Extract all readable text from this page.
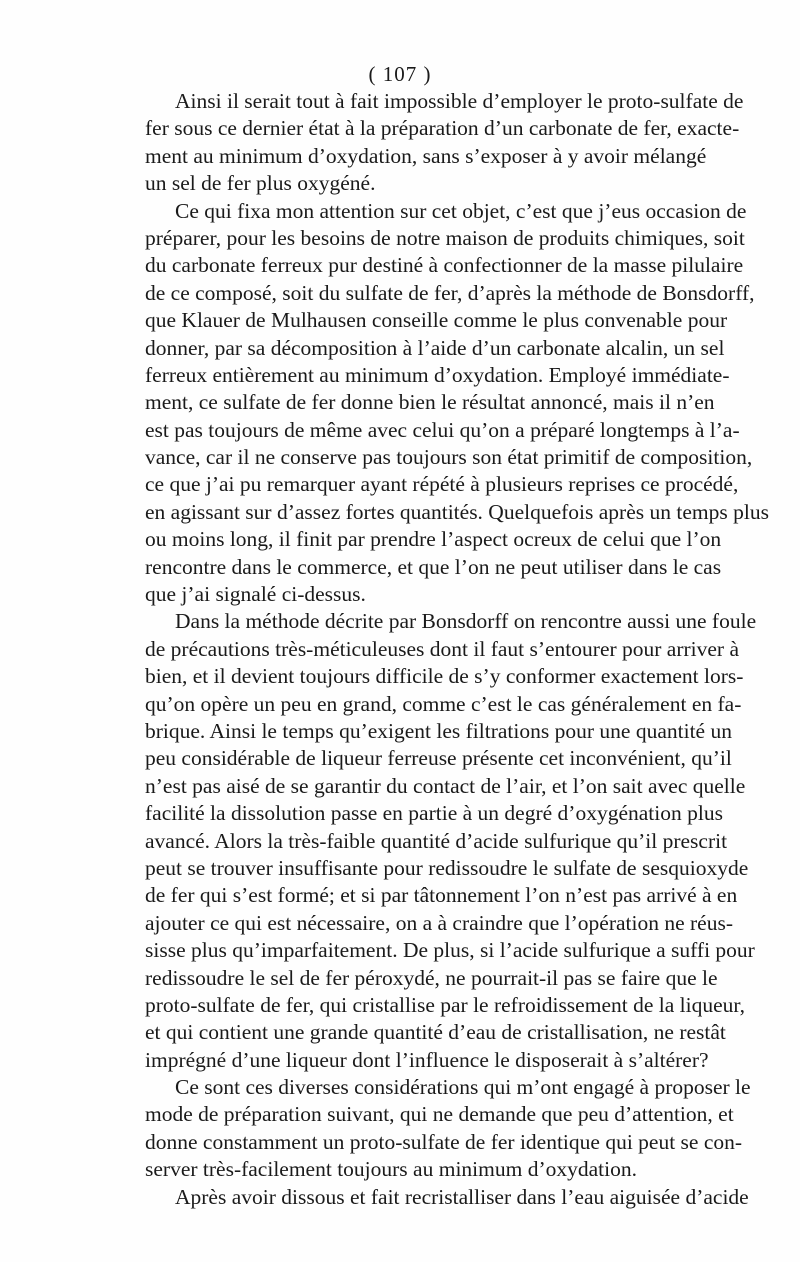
( 107 )
Ainsi il serait tout à fait impossible d’employer le proto-sulfate de
fer sous ce dernier état à la préparation d’un carbonate de fer, exacte-
ment au minimum d’oxydation, sans s’exposer à y avoir mélangé
un sel de fer plus oxygéné.
Ce qui fixa mon attention sur cet objet, c’est que j’eus occasion de
préparer, pour les besoins de notre maison de produits chimiques, soit
du carbonate ferreux pur destiné à confectionner de la masse pilulaire
de ce composé, soit du sulfate de fer, d’après la méthode de Bonsdorff,
que Klauer de Mulhausen conseille comme le plus convenable pour
donner, par sa décomposition à l’aide d’un carbonate alcalin, un sel
ferreux entièrement au minimum d’oxydation. Employé immédiate-
ment, ce sulfate de fer donne bien le résultat annoncé, mais il n’en
est pas toujours de même avec celui qu’on a préparé longtemps à l’a-
vance, car il ne conserve pas toujours son état primitif de composition,
ce que j’ai pu remarquer ayant répété à plusieurs reprises ce procédé,
en agissant sur d’assez fortes quantités. Quelquefois après un temps plus
ou moins long, il finit par prendre l’aspect ocreux de celui que l’on
rencontre dans le commerce, et que l’on ne peut utiliser dans le cas
que j’ai signalé ci-dessus.
Dans la méthode décrite par Bonsdorff on rencontre aussi une foule
de précautions très-méticuleuses dont il faut s’entourer pour arriver à
bien, et il devient toujours difficile de s’y conformer exactement lors-
qu’on opère un peu en grand, comme c’est le cas généralement en fa-
brique. Ainsi le temps qu’exigent les filtrations pour une quantité un
peu considérable de liqueur ferreuse présente cet inconvénient, qu’il
n’est pas aisé de se garantir du contact de l’air, et l’on sait avec quelle
facilité la dissolution passe en partie à un degré d’oxygénation plus
avancé. Alors la très-faible quantité d’acide sulfurique qu’il prescrit
peut se trouver insuffisante pour redissoudre le sulfate de sesquioxyde
de fer qui s’est formé; et si par tâtonnement l’on n’est pas arrivé à en
ajouter ce qui est nécessaire, on a à craindre que l’opération ne réus-
sisse plus qu’imparfaitement. De plus, si l’acide sulfurique a suffi pour
redissoudre le sel de fer péroxydé, ne pourrait-il pas se faire que le
proto-sulfate de fer, qui cristallise par le refroidissement de la liqueur,
et qui contient une grande quantité d’eau de cristallisation, ne restât
imprégné d’une liqueur dont l’influence le disposerait à s’altérer?
Ce sont ces diverses considérations qui m’ont engagé à proposer le
mode de préparation suivant, qui ne demande que peu d’attention, et
donne constamment un proto-sulfate de fer identique qui peut se con-
server très-facilement toujours au minimum d’oxydation.
Après avoir dissous et fait recristalliser dans l’eau aiguisée d’acide
